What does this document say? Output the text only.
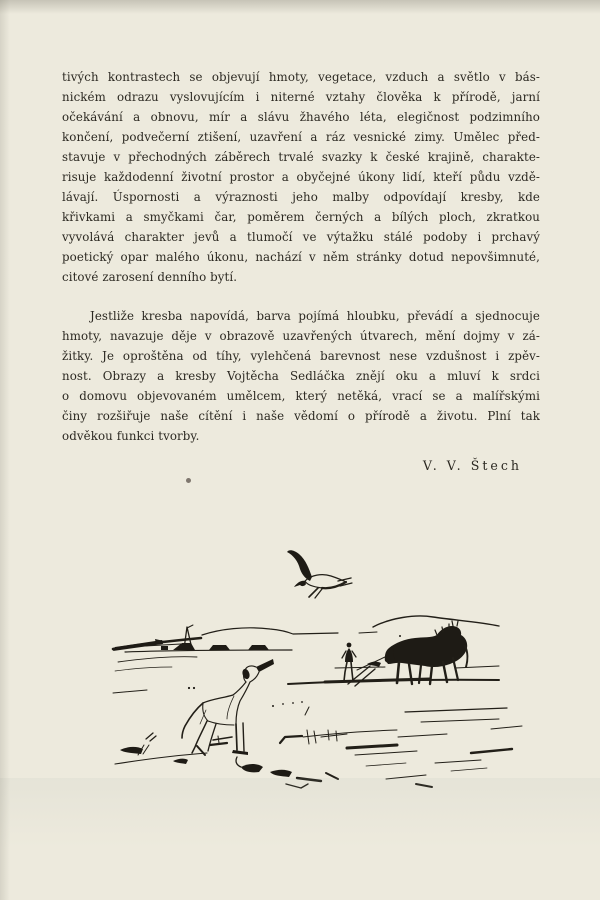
tivých kontrastech se objevují hmoty, vegetace, vzduch a světlo v bás-
nickém odrazu vyslovujícím i niterné vztahy člověka k přírodě, jarní
očekávání a obnovu, mír a slávu žhavého léta, elegičnost podzimního
končení, podvečerní ztišení, uzavření a ráz vesnické zimy. Umělec před-
stavuje v přechodných záběrech trvalé svazky k české krajině, charakte-
risuje každodenní životní prostor a obyčejné úkony lidí, kteří půdu vzdě-
lávají. Úspornosti a výraznosti jeho malby odpovídají kresby, kde
křivkami a smyčkami čar, poměrem černých a bílých ploch, zkratkou
vyvolává charakter jevů a tlumočí ve výtažku stálé podoby i prchavý
poetický opar malého úkonu, nachází v něm stránky dotud nepovšimnuté,
citové zarosení denního bytí.
Jestliže kresba napovídá, barva pojímá hloubku, převádí a sjednocuje
hmoty, navazuje děje v obrazově uzavřených útvarech, mění dojmy v zá-
žitky. Je oproštěna od tíhy, vylehčená barevnost nese vzdušnost i zpěv-
nost. Obrazy a kresby Vojtěcha Sedláčka znějí oku a mluví k srdci
o domovu objevovaném umělcem, který netěká, vrací se a malířskými
činy rozšiřuje naše cítění i naše vědomí o přírodě a životu. Plní tak
odvěkou funkci tvorby.
V. V. Štech
